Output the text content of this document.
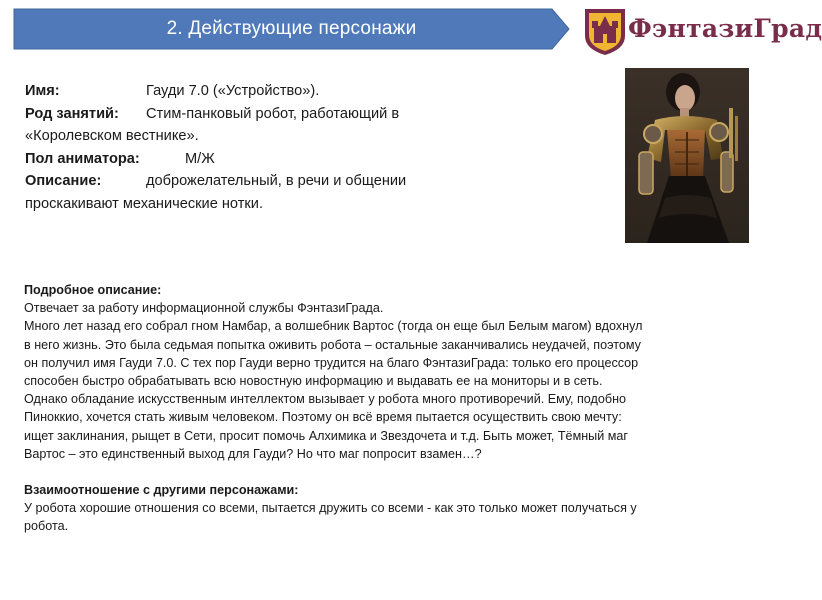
2. Действующие персонажи	ФэнтазиГрад
Имя:	Гауди 7.0 («Устройство»).
Род занятий: Стим-панковый робот, работающий в
«Королевском вестнике».
Пол аниматора:	М/Ж
Описание:	доброжелательный, в речи и общении
проскакивают механические нотки.

Подробное описание:

Отвечает за работу информационной службы ФэнтазиГрада.

Много лет назад его собрал гном Намбар, а волшебник Вартос (тогда он еще был Белым магом) вдохнул

в него жизнь. Это была седьмая попытка оживить робота – остальные заканчивались неудачей, поэтому

он получил имя Гауди 7.0. С тех пор Гауди верно трудится на благо ФэнтазиГрада: только его процессор

способен быстро обрабатывать всю новостную информацию и выдавать ее на мониторы и в сеть.

Однако обладание искусственным интеллектом вызывает у робота много противоречий. Ему, подобно

Пиноккио, хочется стать живым человеком. Поэтому он всё время пытается осуществить свою мечту:

ищет заклинания, рыщет в Сети, просит помочь Алхимика и Звездочета и т.д. Быть может, Тёмный маг

Вартос – это единственный выход для Гауди? Но что маг попросит взамен…?

Взаимоотношение с другими персонажами:

У робота хорошие отношения со всеми, пытается дружить со всеми - как это только может получаться у

робота.
